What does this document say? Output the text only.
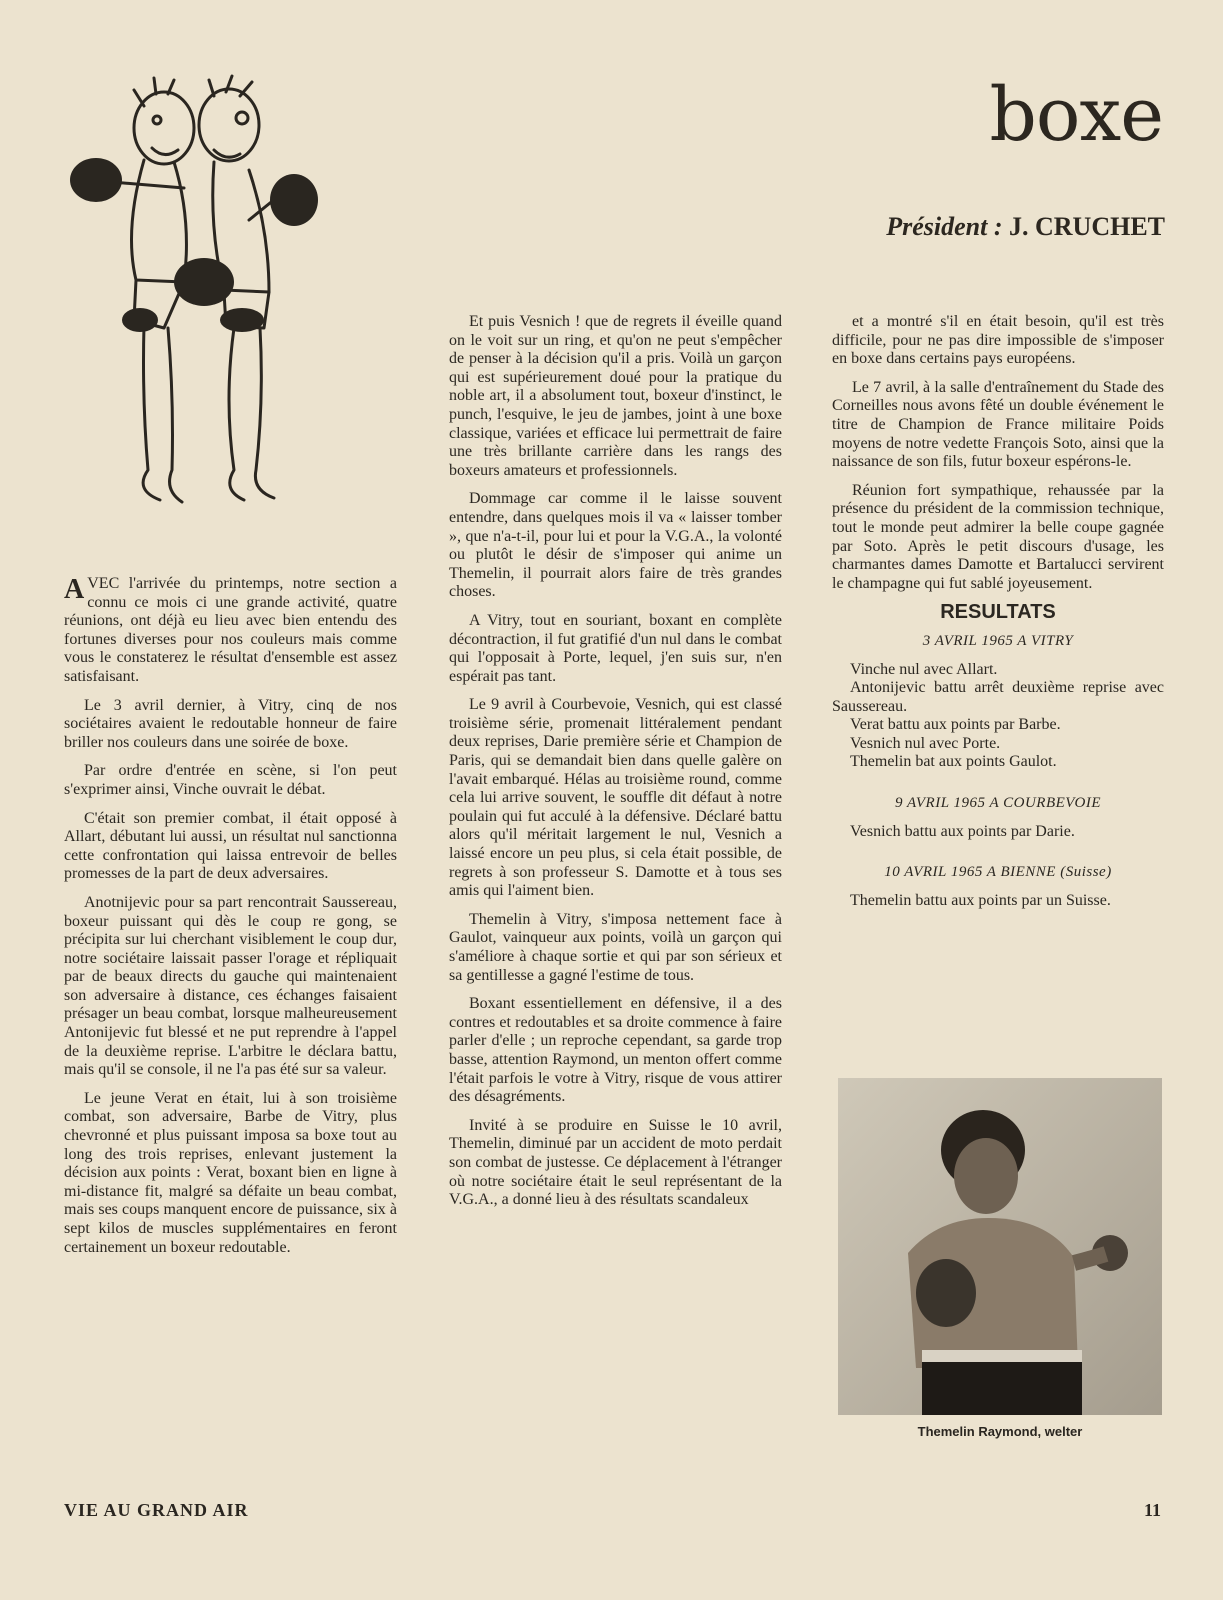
boxe
Président : J. CRUCHET

AVEC l'arrivée du printemps, notre section a connu ce mois ci une grande activité, quatre réunions, ont déjà eu lieu avec bien entendu des fortunes diverses pour nos couleurs mais comme vous le constaterez le résultat d'ensemble est assez satisfaisant.

Le 3 avril dernier, à Vitry, cinq de nos sociétaires avaient le redoutable honneur de faire briller nos couleurs dans une soirée de boxe.

Par ordre d'entrée en scène, si l'on peut s'exprimer ainsi, Vinche ouvrait le débat.

C'était son premier combat, il était opposé à Allart, débutant lui aussi, un résultat nul sanctionna cette confrontation qui laissa entrevoir de belles promesses de la part de deux adversaires.

Anotnijevic pour sa part rencontrait Saussereau, boxeur puissant qui dès le coup re gong, se précipita sur lui cherchant visiblement le coup dur, notre sociétaire laissait passer l'orage et répliquait par de beaux directs du gauche qui maintenaient son adversaire à distance, ces échanges faisaient présager un beau combat, lorsque malheureusement Antonijevic fut blessé et ne put reprendre à l'appel de la deuxième reprise. L'arbitre le déclara battu, mais qu'il se console, il ne l'a pas été sur sa valeur.

Le jeune Verat en était, lui à son troisième combat, son adversaire, Barbe de Vitry, plus chevronné et plus puissant imposa sa boxe tout au long des trois reprises, enlevant justement la décision aux points : Verat, boxant bien en ligne à mi-distance fit, malgré sa défaite un beau combat, mais ses coups manquent encore de puissance, six à sept kilos de muscles supplémentaires en feront certainement un boxeur redoutable.

Et puis Vesnich ! que de regrets il éveille quand on le voit sur un ring, et qu'on ne peut s'empêcher de penser à la décision qu'il a pris. Voilà un garçon qui est supérieurement doué pour la pratique du noble art, il a absolument tout, boxeur d'instinct, le punch, l'esquive, le jeu de jambes, joint à une boxe classique, variées et efficace lui permettrait de faire une très brillante carrière dans les rangs des boxeurs amateurs et professionnels.

Dommage car comme il le laisse souvent entendre, dans quelques mois il va « laisser tomber », que n'a-t-il, pour lui et pour la V.G.A., la volonté ou plutôt le désir de s'imposer qui anime un Themelin, il pourrait alors faire de très grandes choses.

A Vitry, tout en souriant, boxant en complète décontraction, il fut gratifié d'un nul dans le combat qui l'opposait à Porte, lequel, j'en suis sur, n'en espérait pas tant.

Le 9 avril à Courbevoie, Vesnich, qui est classé troisième série, promenait littéralement pendant deux reprises, Darie première série et Champion de Paris, qui se demandait bien dans quelle galère on l'avait embarqué. Hélas au troisième round, comme cela lui arrive souvent, le souffle dit défaut à notre poulain qui fut acculé à la défensive. Déclaré battu alors qu'il méritait largement le nul, Vesnich a laissé encore un peu plus, si cela était possible, de regrets à son professeur S. Damotte et à tous ses amis qui l'aiment bien.

Themelin à Vitry, s'imposa nettement face à Gaulot, vainqueur aux points, voilà un garçon qui s'améliore à chaque sortie et qui par son sérieux et sa gentillesse a gagné l'estime de tous.

Boxant essentiellement en défensive, il a des contres et redoutables et sa droite commence à faire parler d'elle ; un reproche cependant, sa garde trop basse, attention Raymond, un menton offert comme l'était parfois le votre à Vitry, risque de vous attirer des désagréments.

Invité à se produire en Suisse le 10 avril, Themelin, diminué par un accident de moto perdait son combat de justesse. Ce déplacement à l'étranger où notre sociétaire était le seul représentant de la V.G.A., a donné lieu à des résultats scandaleux

et a montré s'il en était besoin, qu'il est très difficile, pour ne pas dire impossible de s'imposer en boxe dans certains pays européens.

Le 7 avril, à la salle d'entraînement du Stade des Corneilles nous avons fêté un double événement le titre de Champion de France militaire Poids moyens de notre vedette François Soto, ainsi que la naissance de son fils, futur boxeur espérons-le.

Réunion fort sympathique, rehaussée par la présence du président de la commission technique, tout le monde peut admirer la belle coupe gagnée par Soto. Après le petit discours d'usage, les charmantes dames Damotte et Bartalucci servirent le champagne qui fut sablé joyeusement.

RESULTATS

3 AVRIL 1965 A VITRY

Vinche nul avec Allart.
Antonijevic battu arrêt deuxième reprise avec Saussereau.
Verat battu aux points par Barbe.
Vesnich nul avec Porte.
Themelin bat aux points Gaulot.

9 AVRIL 1965 A COURBEVOIE

Vesnich battu aux points par Darie.

10 AVRIL 1965 A BIENNE (Suisse)

Themelin battu aux points par un Suisse.
Themelin Raymond, welter
VIE AU GRAND AIR	11
